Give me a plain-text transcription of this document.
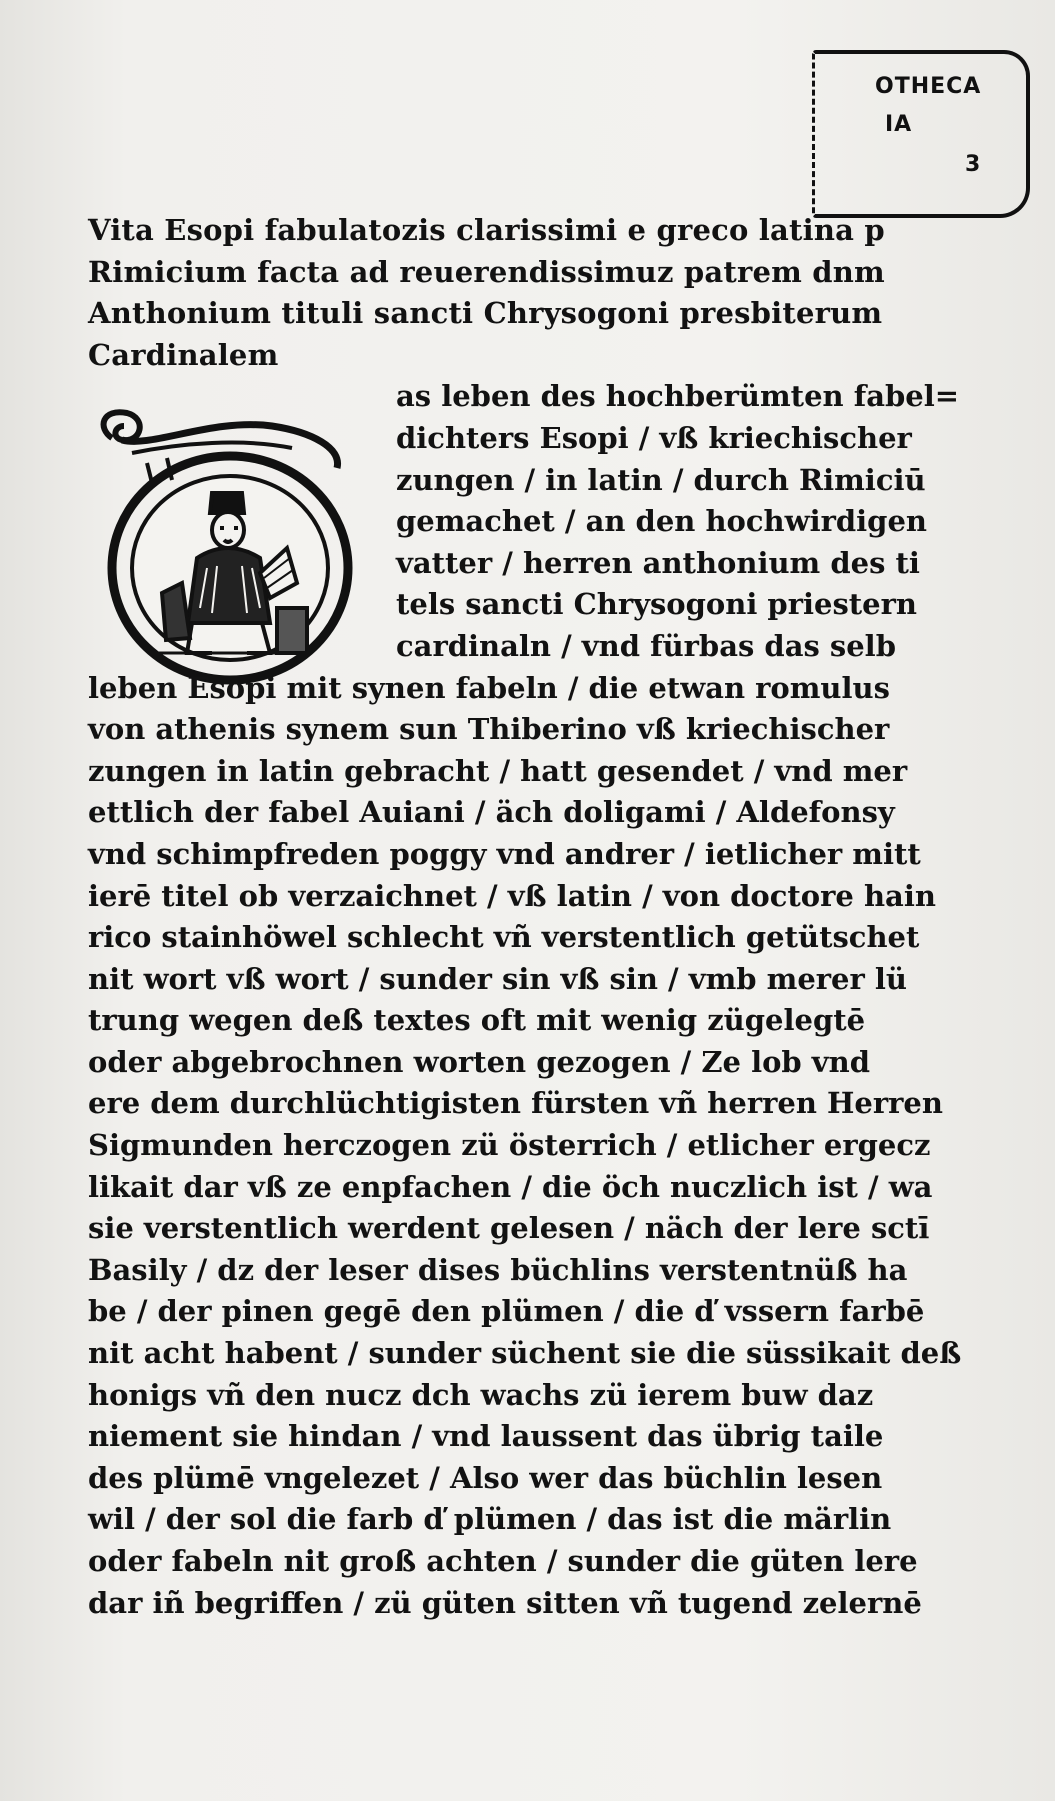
OTHECA
IA
3
Vita Esopi fabulatozis clarissimi e greco latina p
Rimicium facta ad reuerendissimuz patrem dnm
Anthonium tituli sancti Chrysogoni presbiterum
Cardinalem
as leben des hochberümten fabel=
dichters Esopi / vß kriechischer
zungen / in latin / durch Rimiciū
gemachet / an den hochwirdigen
vatter / herren anthonium des ti
tels sancti Chrysogoni priestern
cardinaln / vnd fürbas das selb
leben Esopi mit synen fabeln / die etwan romulus
von athenis synem sun Thiberino vß kriechischer
zungen in latin gebracht / hatt gesendet / vnd mer
ettlich der fabel Auiani / äch doligami / Aldefonsy
vnd schimpfreden poggy vnd andrer / ietlicher mitt
ierē titel ob verzaichnet / vß latin / von doctore hain
rico stainhöwel schlecht vñ verstentlich getütschet
nit wort vß wort / sunder sin vß sin / vmb merer lü
trung wegen deß textes oft mit wenig zügelegtē
oder abgebrochnen worten gezogen / Ze lob vnd
ere dem durchlüchtigisten fürsten vñ herren Herren
Sigmunden herczogen zü österrich / etlicher ergecz
likait dar vß ze enpfachen / die öch nuczlich ist / wa
sie verstentlich werdent gelesen / näch der lere sctī
Basily / dz der leser dises büchlins verstentnüß ha
be / der pinen gegē den plümen / die ď vssern farbē
nit acht habent / sunder süchent sie die süssikait deß
honigs vñ den nucz dch wachs zü ierem buw daz
niement sie hindan / vnd laussent das übrig taile
des plümē vngelezet / Also wer das büchlin lesen
wil / der sol die farb ď plümen / das ist die märlin
oder fabeln nit groß achten / sunder die güten lere
dar iñ begriffen / zü güten sitten vñ tugend zelernē
